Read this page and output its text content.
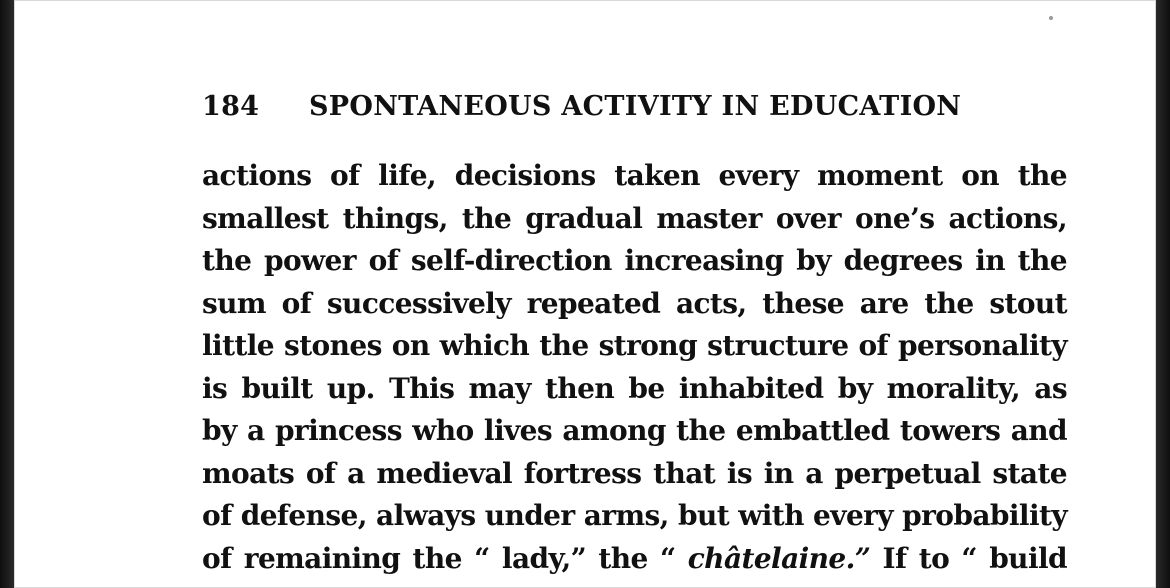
184 SPONTANEOUS ACTIVITY IN EDUCATION
actions of life, decisions taken every moment on the
smallest things, the gradual master over one’s actions,
the power of self-direction increasing by degrees in the
sum of successively repeated acts, these are the stout
little stones on which the strong structure of personality
is built up. This may then be inhabited by morality, as
by a princess who lives among the embattled towers and
moats of a medieval fortress that is in a perpetual state
of defense, always under arms, but with every probability
of remaining the “ lady,” the “ châtelaine.” If to “ build
